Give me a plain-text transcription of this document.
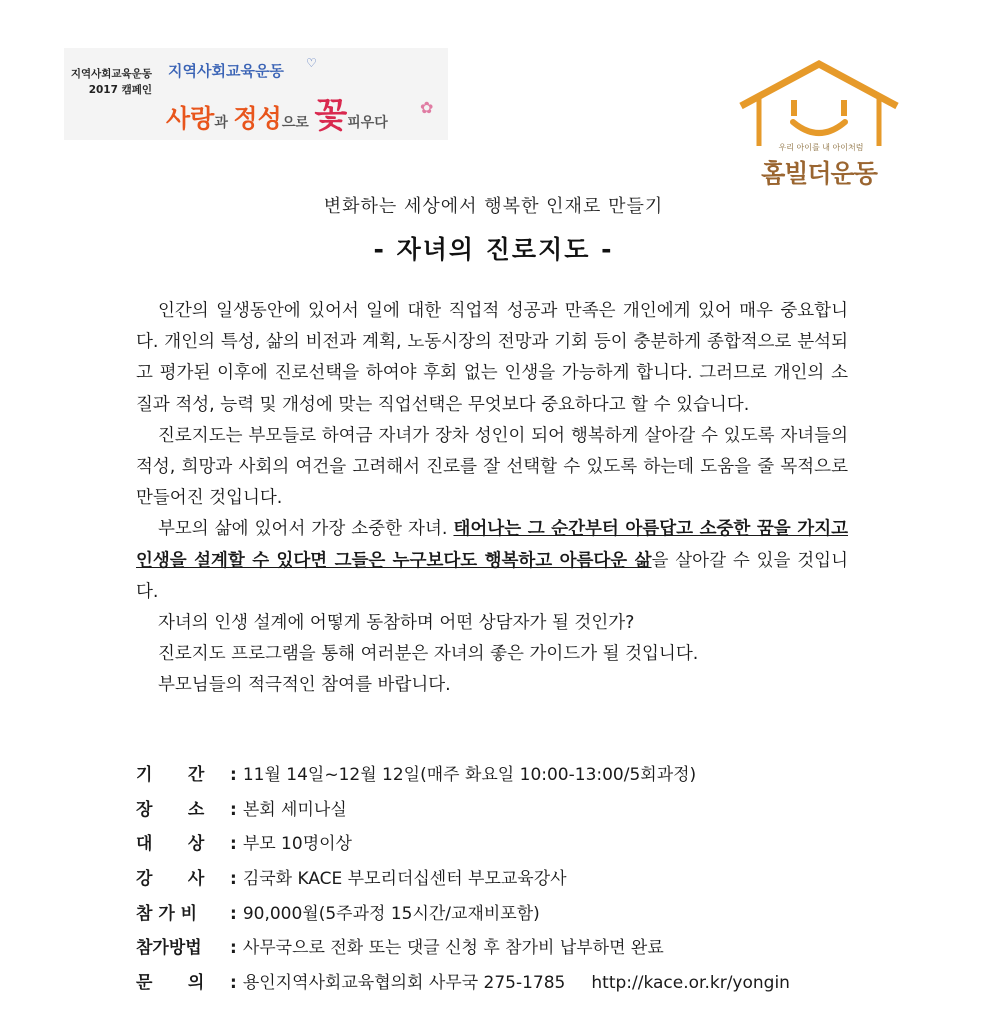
지역사회교육운동
2017 캠페인
지역사회교육운동 ♡
사랑과 정성으로 꽃피우다
✿
우리 아이를 내 아이처럼
홈빌더운동
변화하는 세상에서 행복한 인재로 만들기
- 자녀의 진로지도 -

인간의 일생동안에 있어서 일에 대한 직업적 성공과 만족은 개인에게 있어 매우 중요합니다. 개인의 특성, 삶의 비전과 계획, 노동시장의 전망과 기회 등이 충분하게 종합적으로 분석되고 평가된 이후에 진로선택을 하여야 후회 없는 인생을 가능하게 합니다. 그러므로 개인의 소질과 적성, 능력 및 개성에 맞는 직업선택은 무엇보다 중요하다고 할 수 있습니다.

진로지도는 부모들로 하여금 자녀가 장차 성인이 되어 행복하게 살아갈 수 있도록 자녀들의 적성, 희망과 사회의 여건을 고려해서 진로를 잘 선택할 수 있도록 하는데 도움을 줄 목적으로 만들어진 것입니다.

부모의 삶에 있어서 가장 소중한 자녀. 태어나는 그 순간부터 아름답고 소중한 꿈을 가지고 인생을 설계할 수 있다면 그들은 누구보다도 행복하고 아름다운 삶을 살아갈 수 있을 것입니다.

자녀의 인생 설계에 어떻게 동참하며 어떤 상담자가 될 것인가?

진로지도 프로그램을 통해 여러분은 자녀의 좋은 가이드가 될 것입니다.

부모님들의 적극적인 참여를 바랍니다.

기      간 : 11월 14일~12월 12일(매주 화요일 10:00-13:00/5회과정)
장      소 : 본회 세미나실
대      상 : 부모 10명이상
강      사 : 김국화 KACE 부모리더십센터 부모교육강사
참 가 비 : 90,000월(5주과정 15시간/교재비포함)
참가방법 : 사무국으로 전화 또는 댓글 신청 후 참가비 납부하면 완료
문      의 : 용인지역사회교육협의회 사무국 275-1785 http://kace.or.kr/yongin
